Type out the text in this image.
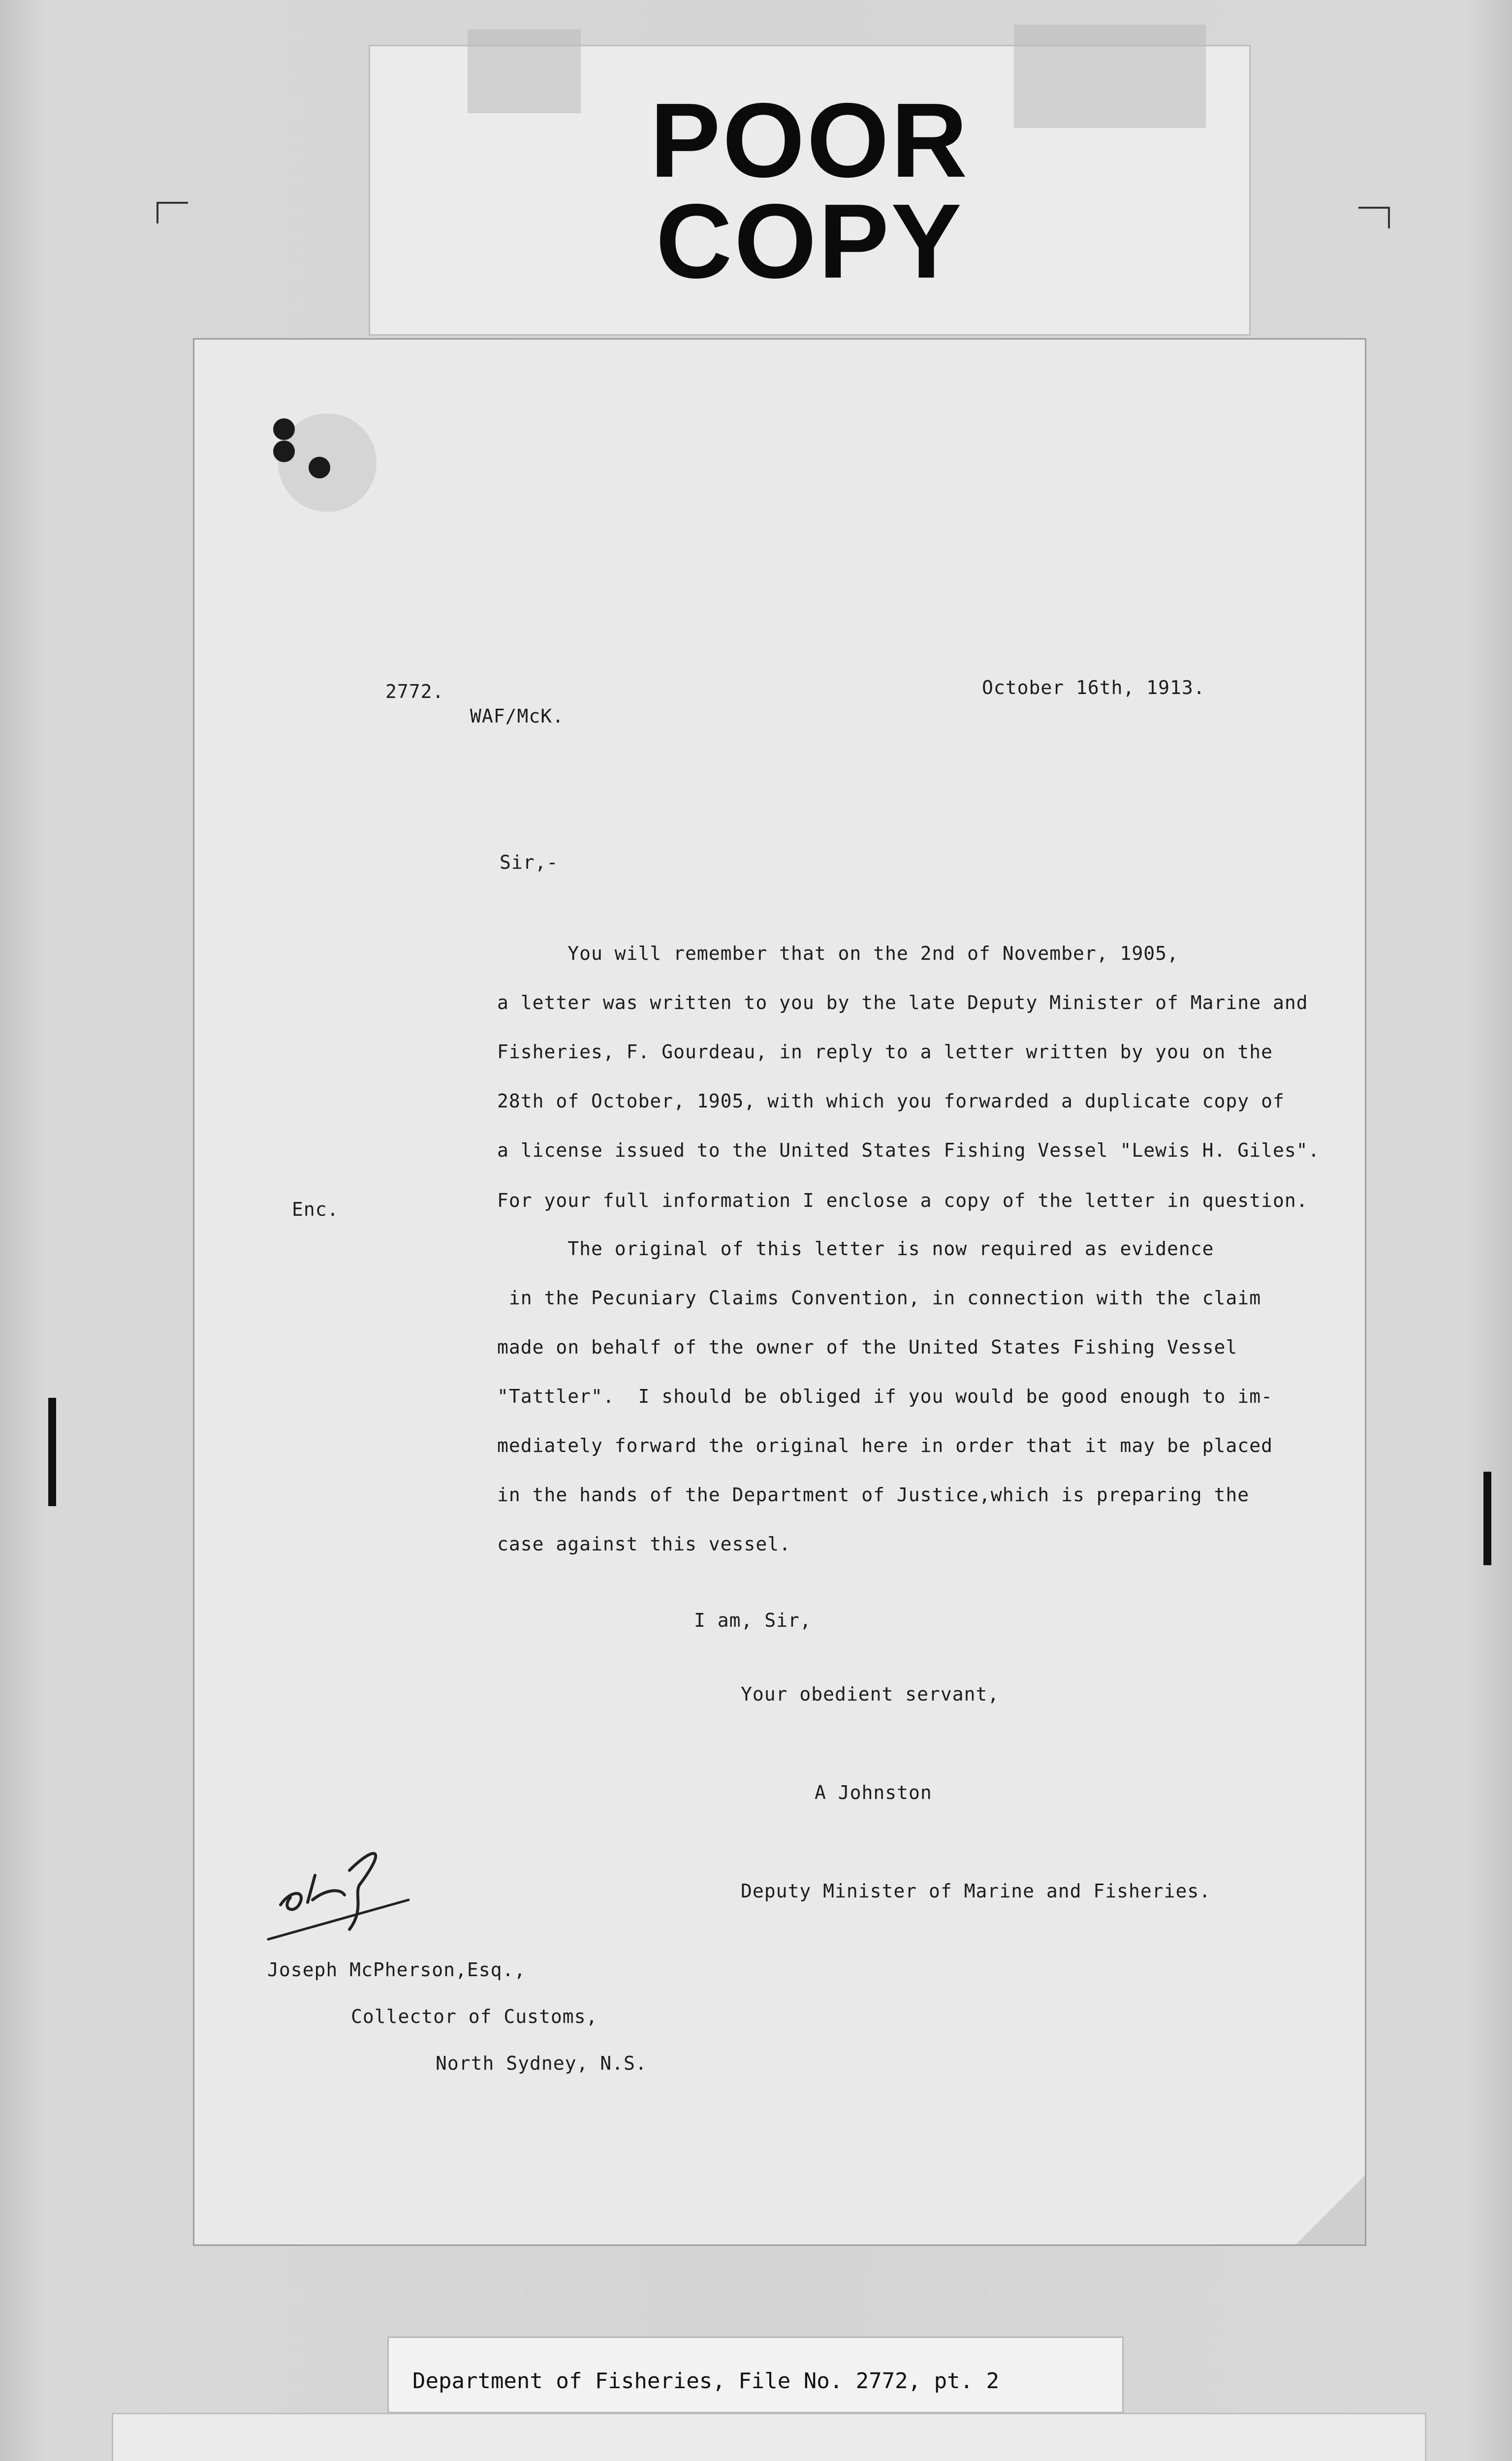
POOR
COPY
2772.
WAF/McK.
October 16th, 1913.
Sir,-
Enc.
You will remember that on the 2nd of November, 1905,
a letter was written to you by the late Deputy Minister of Marine and
Fisheries, F. Gourdeau, in reply to a letter written by you on the
28th of October, 1905, with which you forwarded a duplicate copy of
a license issued to the United States Fishing Vessel "Lewis H. Giles".
For your full information I enclose a copy of the letter in question.
The original of this letter is now required as evidence
in the Pecuniary Claims Convention, in connection with the claim
made on behalf of the owner of the United States Fishing Vessel
"Tattler".  I should be obliged if you would be good enough to im-
mediately forward the original here in order that it may be placed
in the hands of the Department of Justice,which is preparing the
case against this vessel.
I am, Sir,
Your obedient servant,
A Johnston
Deputy Minister of Marine and Fisheries.
Joseph McPherson,Esq.,
Collector of Customs,
North Sydney, N.S.
Department of Fisheries, File No. 2772, pt. 2
